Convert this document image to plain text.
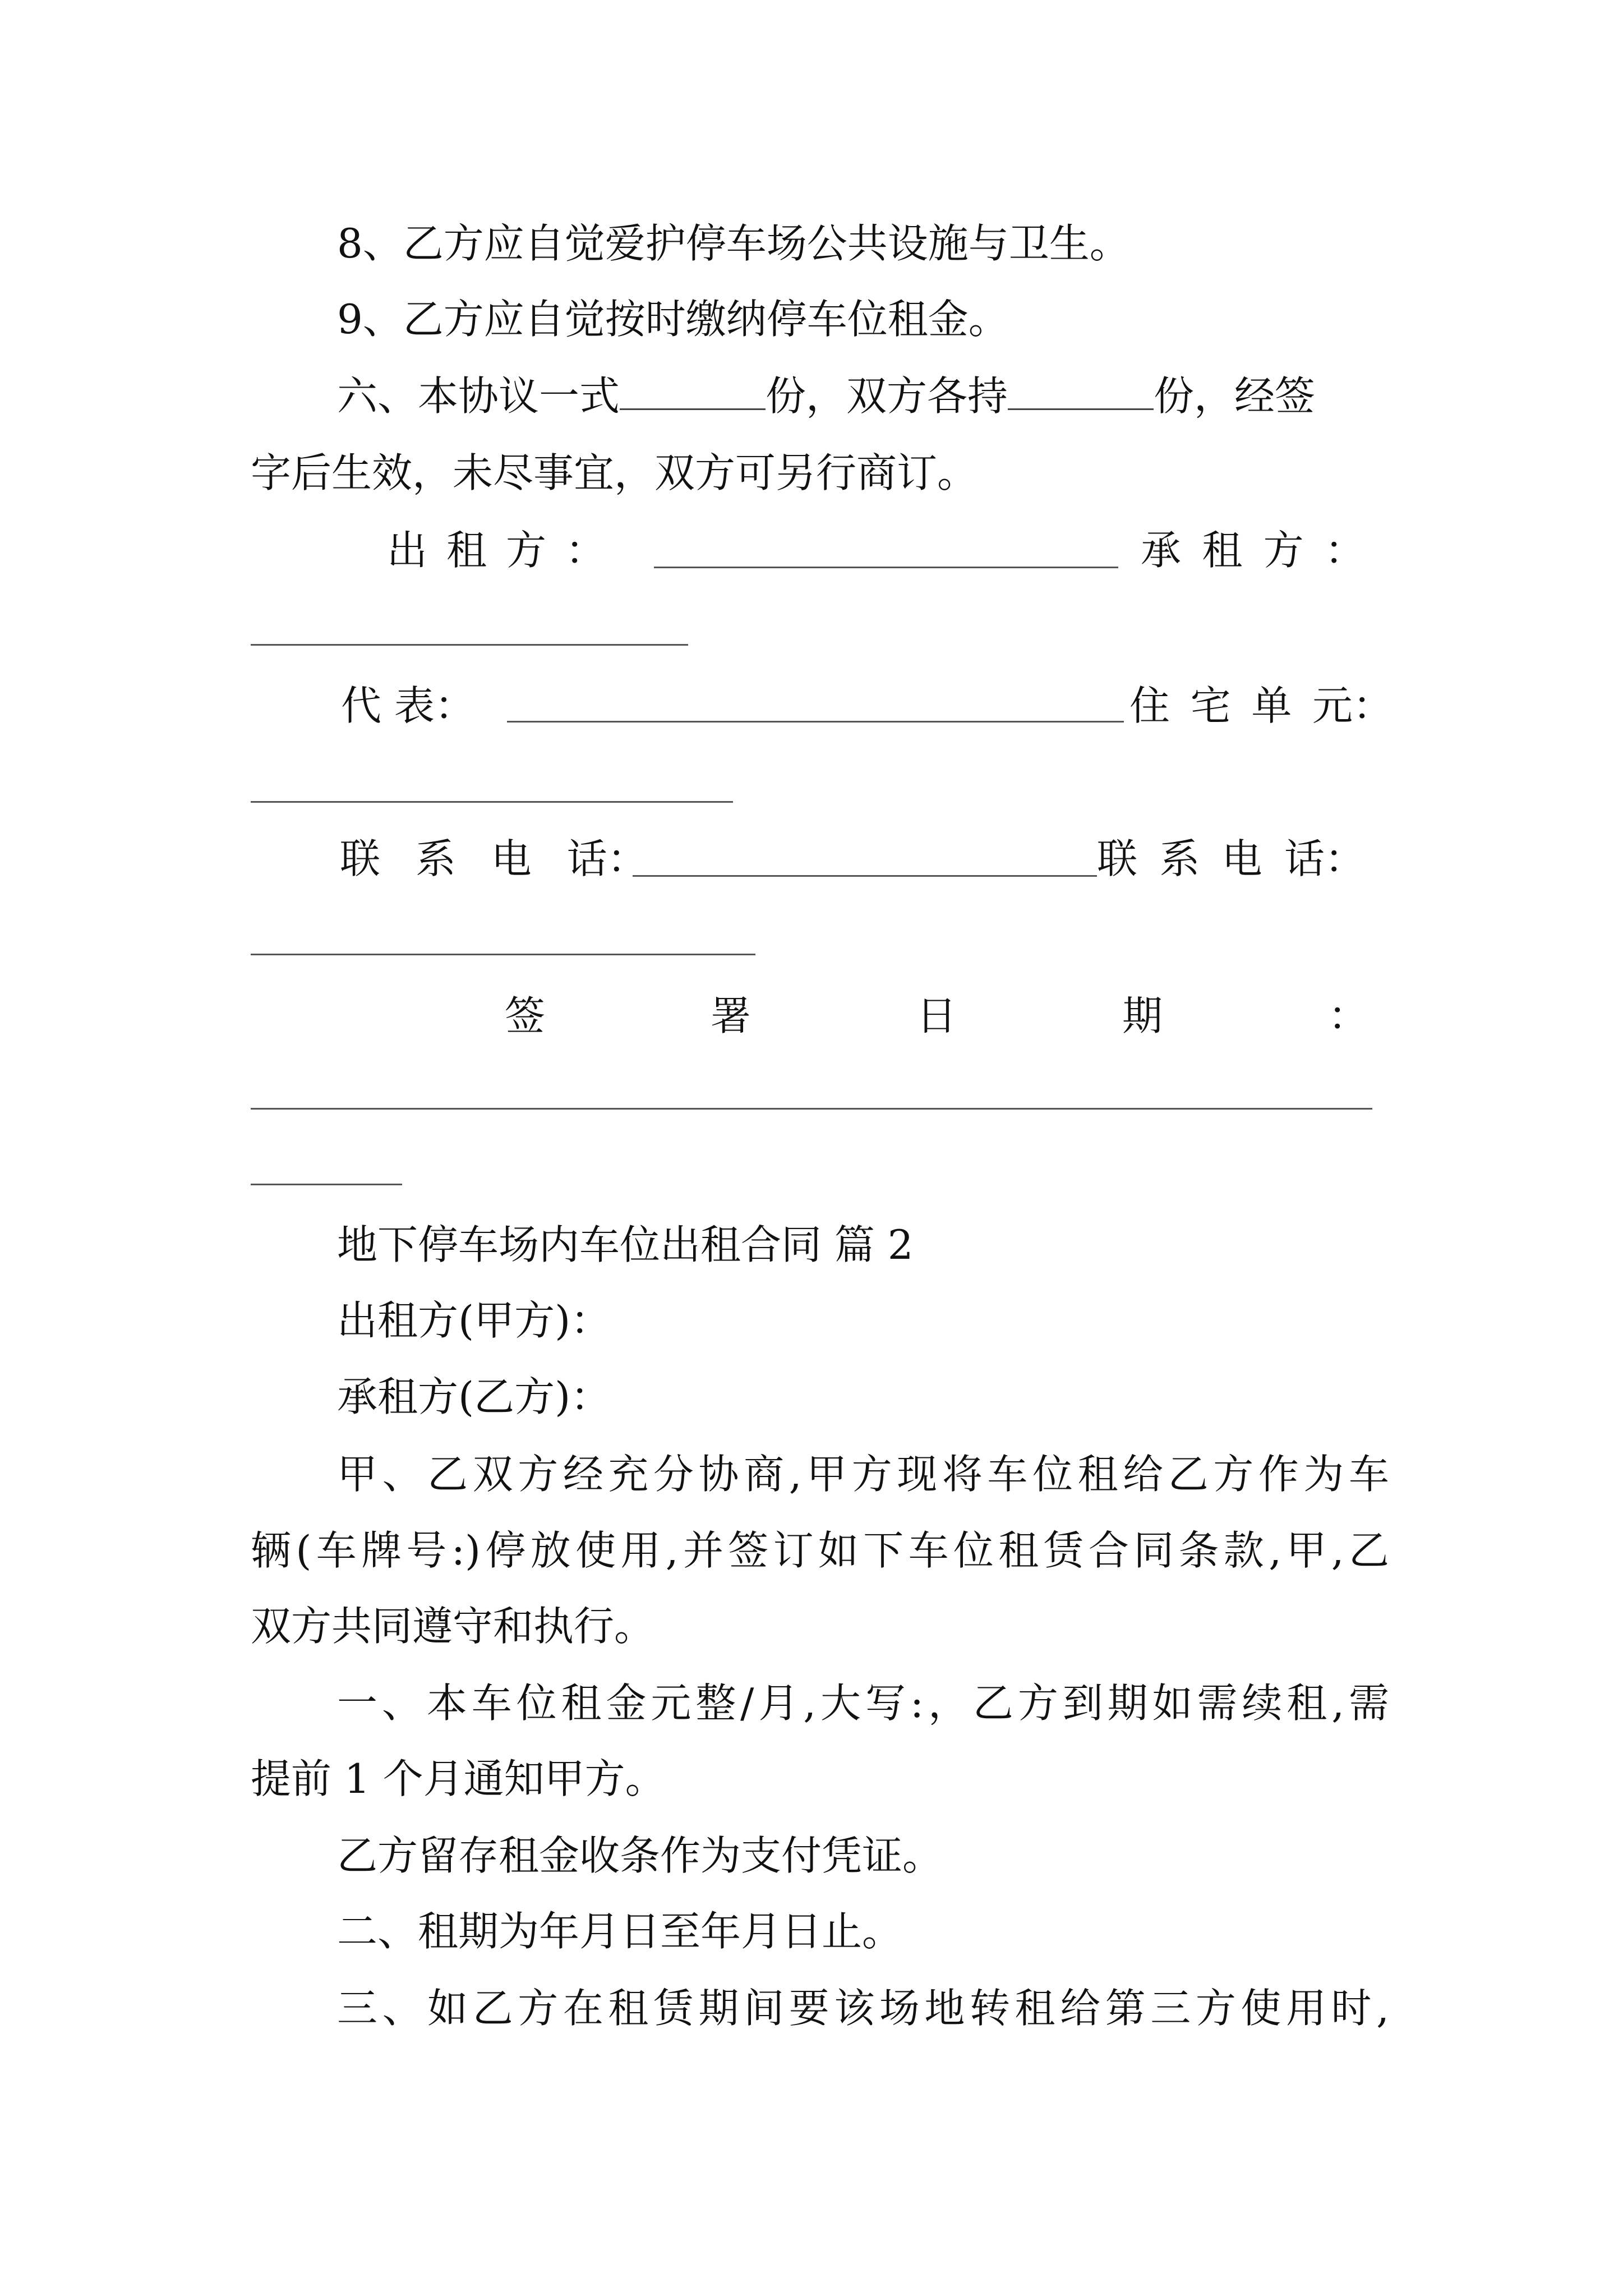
8、乙方应自觉爱护停车场公共设施与卫生。
9、乙方应自觉按时缴纳停车位租金。
六、本协议一式	份，双方各持	份，经签
字后生效，未尽事宜，双方可另行商订。
出 租 方 ：	承 租 方 ：
代 表：	住 宅 单 元：
联 系 电 话：	联 系 电 话：
签	署	日	期	：
地下停车场内车位出租合同 篇 2
出租方(甲方)：
承租方(乙方)：
甲、乙双方经充分协商,甲方现将车位租给乙方作为车
辆(车牌号:)停放使用,并签订如下车位租赁合同条款,甲,乙
双方共同遵守和执行。
一、本车位租金元整/月,大写:，乙方到期如需续租,需
提前 1 个月通知甲方。
乙方留存租金收条作为支付凭证。
二、租期为年月日至年月日止。
三、如乙方在租赁期间要该场地转租给第三方使用时,
